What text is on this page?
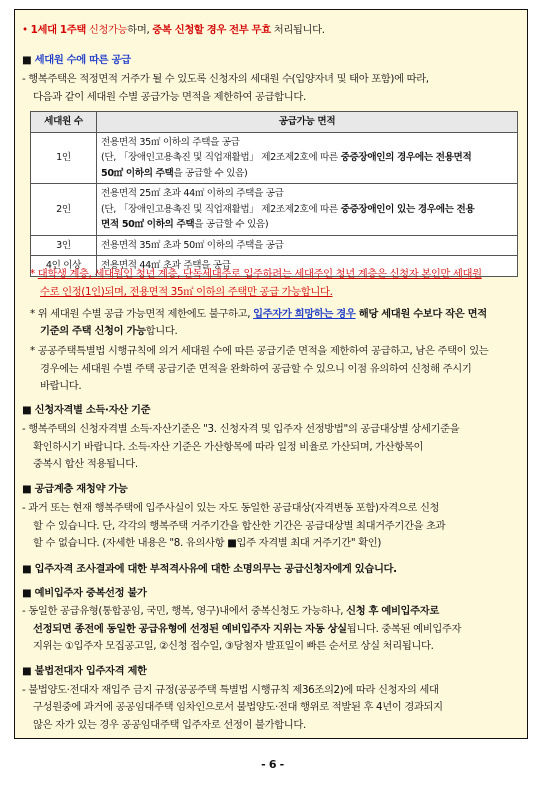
• 1세대 1주택 신청가능하며, 중복 신청할 경우 전부 무효 처리됩니다.
■ 세대원 수에 따른 공급
- 행복주택은 적정면적 거주가 될 수 있도록 신청자의 세대원 수(입양자녀 및 태아 포함)에 따라,
다음과 같이 세대원 수별 공급가능 면적을 제한하여 공급합니다.
세대원 수	공급가능 면적
1인	전용면적 35㎡ 이하의 주택을 공급
(단, 「장애인고용촉진 및 직업재활법」 제2조제2호에 따른 중증장애인의 경우에는 전용면적
50㎡ 이하의 주택을 공급할 수 있음)

2인	전용면적 25㎡ 초과 44㎡ 이하의 주택을 공급
(단, 「장애인고용촉진 및 직업재활법」 제2조제2호에 따른 중증장애인이 있는 경우에는 전용
면적 50㎡ 이하의 주택을 공급할 수 있음)

3인	전용면적 35㎡ 초과 50㎡ 이하의 주택을 공급
4인 이상	전용면적 44㎡ 초과 주택을 공급
* 대학생 계층, 세대원인 청년 계층, 단독세대주로 입주하려는 세대주인 청년 계층은 신청자 본인만 세대원
수로 인정(1인)되며, 전용면적 35㎡ 이하의 주택만 공급 가능합니다.
* 위 세대원 수별 공급 가능면적 제한에도 불구하고, 입주자가 희망하는 경우 해당 세대원 수보다 작은 면적
기준의 주택 신청이 가능합니다.
* 공공주택특별법 시행규칙에 의거 세대원 수에 따른 공급기준 면적을 제한하여 공급하고, 남은 주택이 있는
경우에는 세대원 수별 주택 공급기준 면적을 완화하여 공급할 수 있으니 이점 유의하여 신청해 주시기
바랍니다.
■ 신청자격별 소득·자산 기준
- 행복주택의 신청자격별 소득·자산기준은 "3. 신청자격 및 입주자 선정방법"의 공급대상별 상세기준을
확인하시기 바랍니다. 소득·자산 기준은 가산항목에 따라 일정 비율로 가산되며, 가산항목이
중복시 합산 적용됩니다.
■ 공급계층 재청약 가능
- 과거 또는 현재 행복주택에 입주사실이 있는 자도 동일한 공급대상(자격변동 포함)자격으로 신청
할 수 있습니다. 단, 각각의 행복주택 거주기간을 합산한 기간은 공급대상별 최대거주기간을 초과
할 수 없습니다. (자세한 내용은 "8. 유의사항 ■입주 자격별 최대 거주기간" 확인)
■ 입주자격 조사결과에 대한 부적격사유에 대한 소명의무는 공급신청자에게 있습니다.
■ 예비입주자 중복선정 불가
- 동일한 공급유형(통합공임, 국민, 행복, 영구)내에서 중복신청도 가능하나, 신청 후 예비입주자로
선정되면 종전에 동일한 공급유형에 선정된 예비입주자 지위는 자동 상실됩니다. 중복된 예비입주자
지위는 ①입주자 모집공고일, ②신청 접수일, ③당첨자 발표일이 빠른 순서로 상실 처리됩니다.
■ 불법전대자 입주자격 제한
- 불법양도·전대자 재입주 금지 규정(공공주택 특별법 시행규칙 제36조의2)에 따라 신청자의 세대
구성원중에 과거에 공공임대주택 임차인으로서 불법양도·전대 행위로 적발된 후 4년이 경과되지
않은 자가 있는 경우 공공임대주택 입주자로 선정이 불가합니다.
- 6 -
